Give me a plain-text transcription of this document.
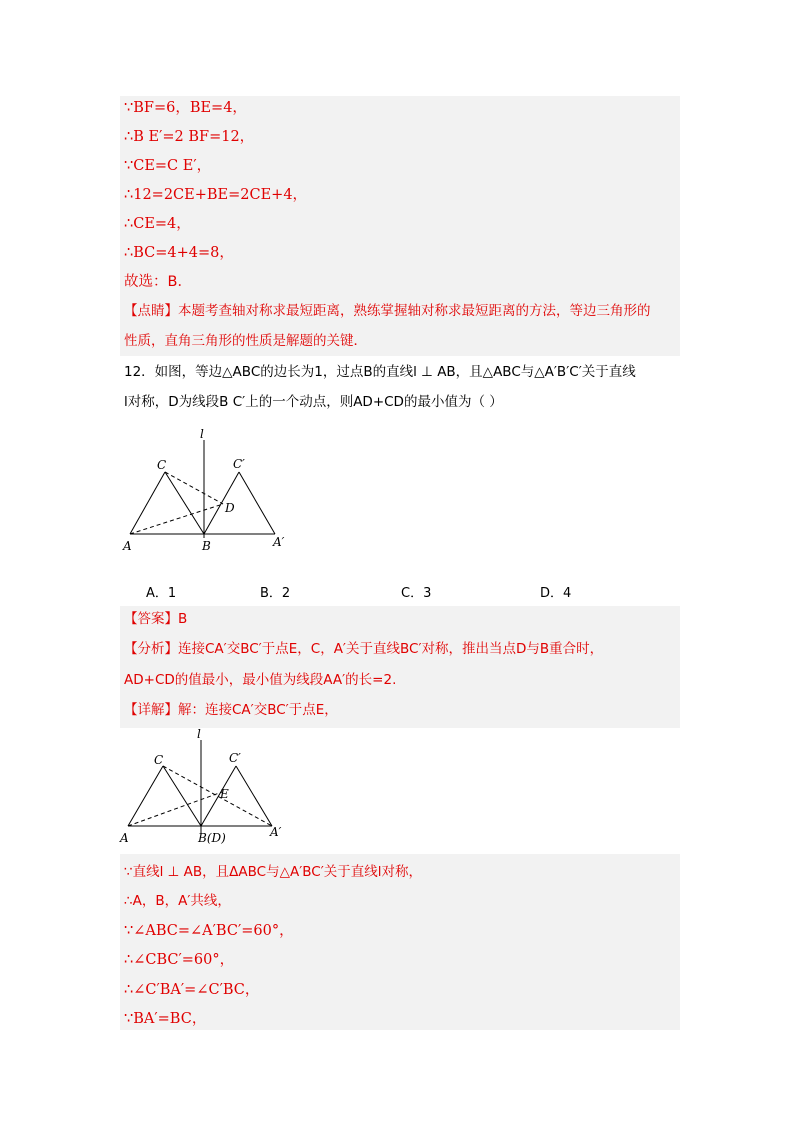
∵BF=6，BE=4，
∴B E′=2 BF=12，
∵CE=C E′，
∴12=2CE+BE=2CE+4，
∴CE=4，
∴BC=4+4=8，
故选：B．
【点睛】本题考查轴对称求最短距离，熟练掌握轴对称求最短距离的方法，等边三角形的
性质，直角三角形的性质是解题的关键．
12．如图，等边△ABC的边长为1，过点B的直线l ⊥ AB，且△ABC与△A′B′C′关于直线
l对称，D为线段B C′上的一个动点，则AD+CD的最小值为（ ）
l
C	C′
D
A	B	A′
A．1	B．2	C．3	D．4
【答案】B
【分析】连接CA′交BC′于点E，C，A′关于直线BC′对称，推出当点D与B重合时，
AD+CD的值最小，最小值为线段AA′的长=2.
【详解】解：连接CA′交BC′于点E，
l
C	C′
E
A	B(D)	A′
∵直线l ⊥ AB，且ΔABC与△A′BC′关于直线l对称，
∴A，B，A′共线，
∵∠ABC=∠A′BC′=60°，
∴∠CBC′=60°，
∴∠C′BA′=∠C′BC，
∵BA′=BC，
